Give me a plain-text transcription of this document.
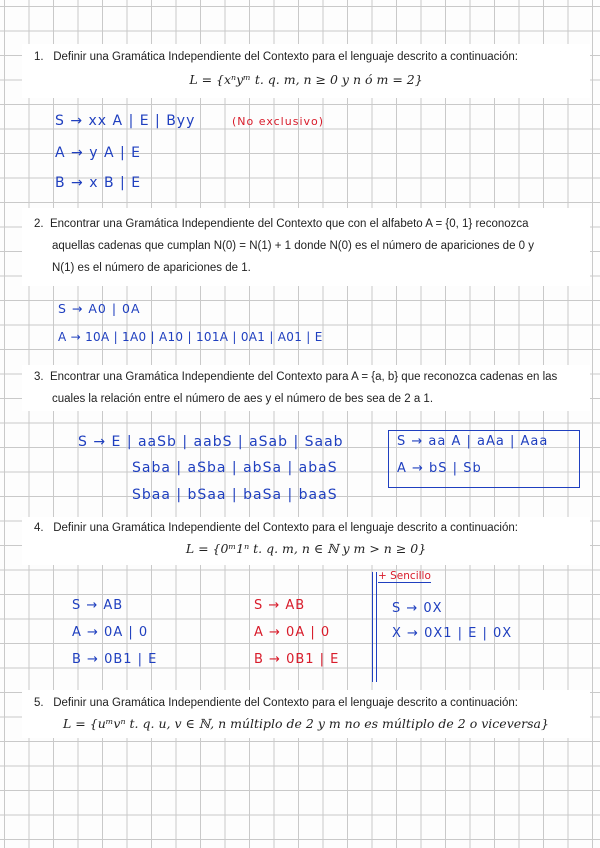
1. Definir una Gramática Independiente del Contexto para el lenguaje descrito a continuación:
L = {xⁿyᵐ t. q. m, n ≥ 0 y n ó m = 2}
S → xx A | E | Byy	(No exclusivo)
A → y A | E
B → x B | E
2. Encontrar una Gramática Independiente del Contexto que con el alfabeto A = {0, 1} reconozca
aquellas cadenas que cumplan N(0) = N(1) + 1 donde N(0) es el número de apariciones de 0 y
N(1) es el número de apariciones de 1.
S → A0 | 0A
A → 10A | 1A0 | A10 | 101A | 0A1 | A01 | E
3. Encontrar una Gramática Independiente del Contexto para A = {a, b} que reconozca cadenas en las
cuales la relación entre el número de aes y el número de bes sea de 2 a 1.
S → E | aaSb | aabS | aSab | Saab
Saba | aSba | abSa | abaS
Sbaa | bSaa | baSa | baaS
S → aa A | aAa | Aaa
A → bS | Sb
4. Definir una Gramática Independiente del Contexto para el lenguaje descrito a continuación:
L = {0ᵐ1ⁿ t. q. m, n ∈ ℕ y m > n ≥ 0}
S → AB
A → 0A | 0
B → 0B1 | E
S → AB
A → 0A | 0
B → 0B1 | E
+ Sencillo
S → 0X
X → 0X1 | E | 0X
5. Definir una Gramática Independiente del Contexto para el lenguaje descrito a continuación:
L = {uᵐvⁿ t. q. u, v ∈ ℕ, n múltiplo de 2 y m no es múltiplo de 2 o viceversa}
